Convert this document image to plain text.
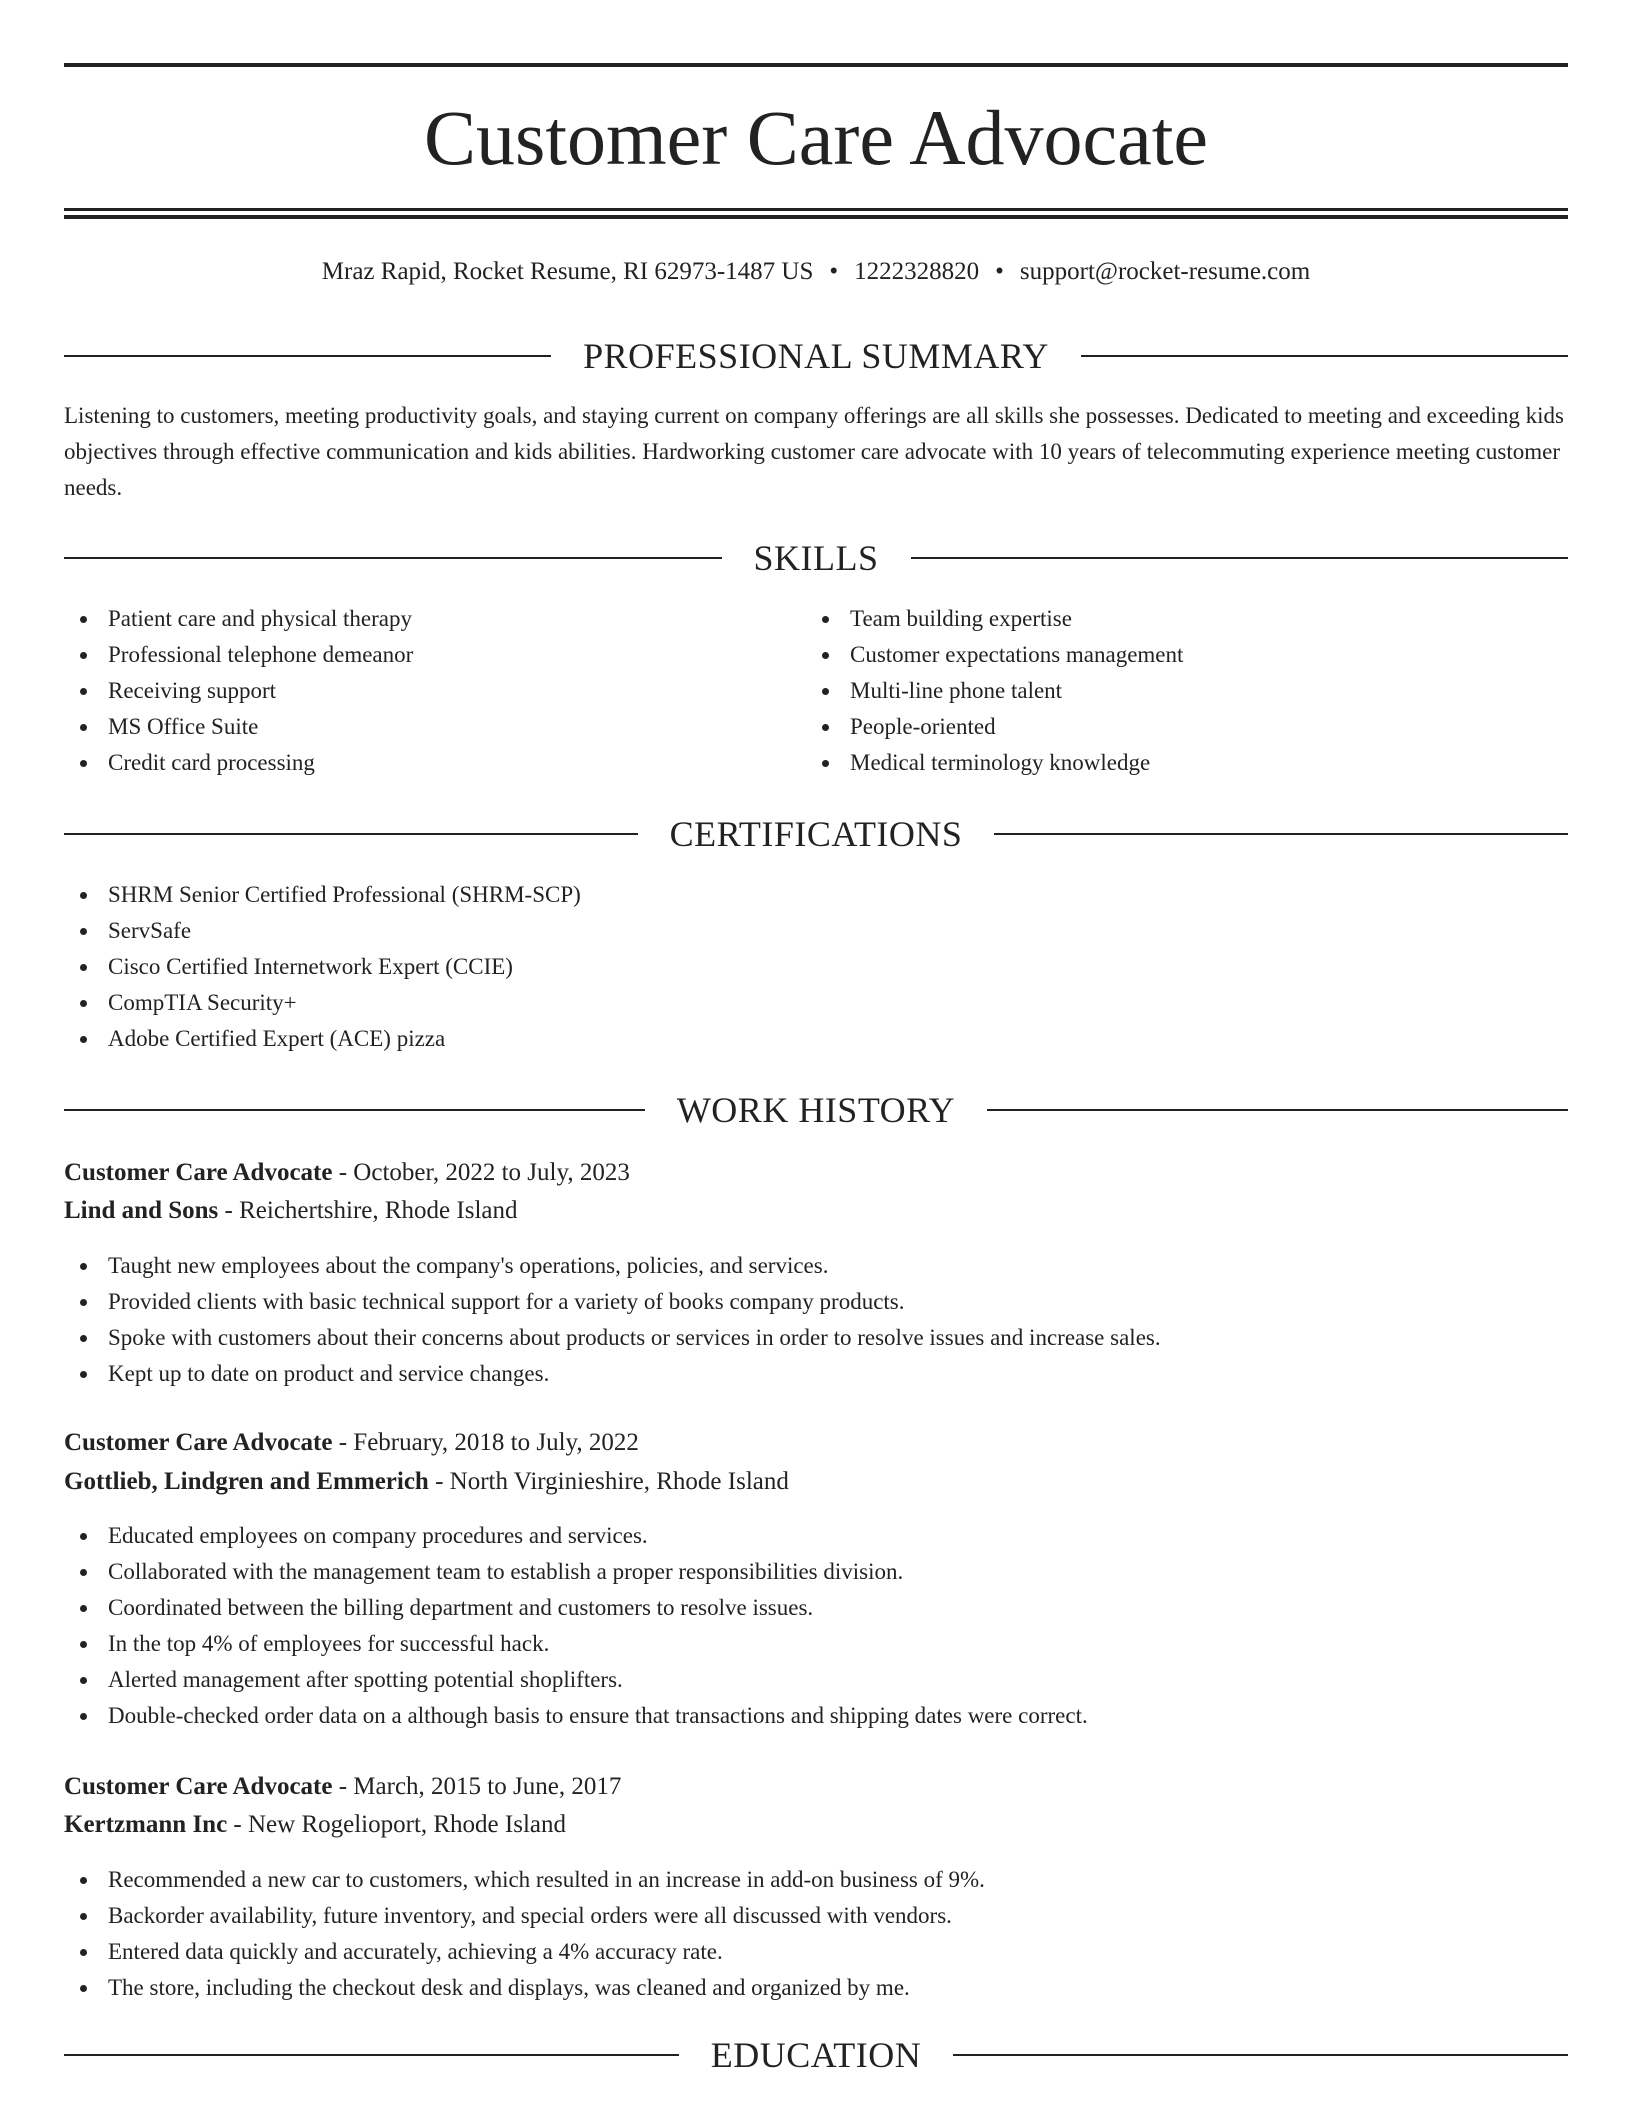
Customer Care Advocate
Mraz Rapid, Rocket Resume, RI 62973-1487 US • 1222328820 • support@rocket-resume.com
PROFESSIONAL SUMMARY

Listening to customers, meeting productivity goals, and staying current on company offerings are all skills she possesses. Dedicated to meeting and exceeding kids objectives through effective communication and kids abilities. Hardworking customer care advocate with 10 years of telecommuting experience meeting customer needs.

SKILLS
Patient care and physical therapy
Professional telephone demeanor
Receiving support
MS Office Suite
Credit card processing
Team building expertise
Customer expectations management
Multi-line phone talent
People-oriented
Medical terminology knowledge
CERTIFICATIONS
SHRM Senior Certified Professional (SHRM-SCP)
ServSafe
Cisco Certified Internetwork Expert (CCIE)
CompTIA Security+
Adobe Certified Expert (ACE) pizza
WORK HISTORY
Customer Care Advocate - October, 2022 to July, 2023
Lind and Sons - Reichertshire, Rhode Island
Taught new employees about the company's operations, policies, and services.
Provided clients with basic technical support for a variety of books company products.
Spoke with customers about their concerns about products or services in order to resolve issues and increase sales.
Kept up to date on product and service changes.
Customer Care Advocate - February, 2018 to July, 2022
Gottlieb, Lindgren and Emmerich - North Virginieshire, Rhode Island
Educated employees on company procedures and services.
Collaborated with the management team to establish a proper responsibilities division.
Coordinated between the billing department and customers to resolve issues.
In the top 4% of employees for successful hack.
Alerted management after spotting potential shoplifters.
Double-checked order data on a although basis to ensure that transactions and shipping dates were correct.
Customer Care Advocate - March, 2015 to June, 2017
Kertzmann Inc - New Rogelioport, Rhode Island
Recommended a new car to customers, which resulted in an increase in add-on business of 9%.
Backorder availability, future inventory, and special orders were all discussed with vendors.
Entered data quickly and accurately, achieving a 4% accuracy rate.
The store, including the checkout desk and displays, was cleaned and organized by me.
EDUCATION
